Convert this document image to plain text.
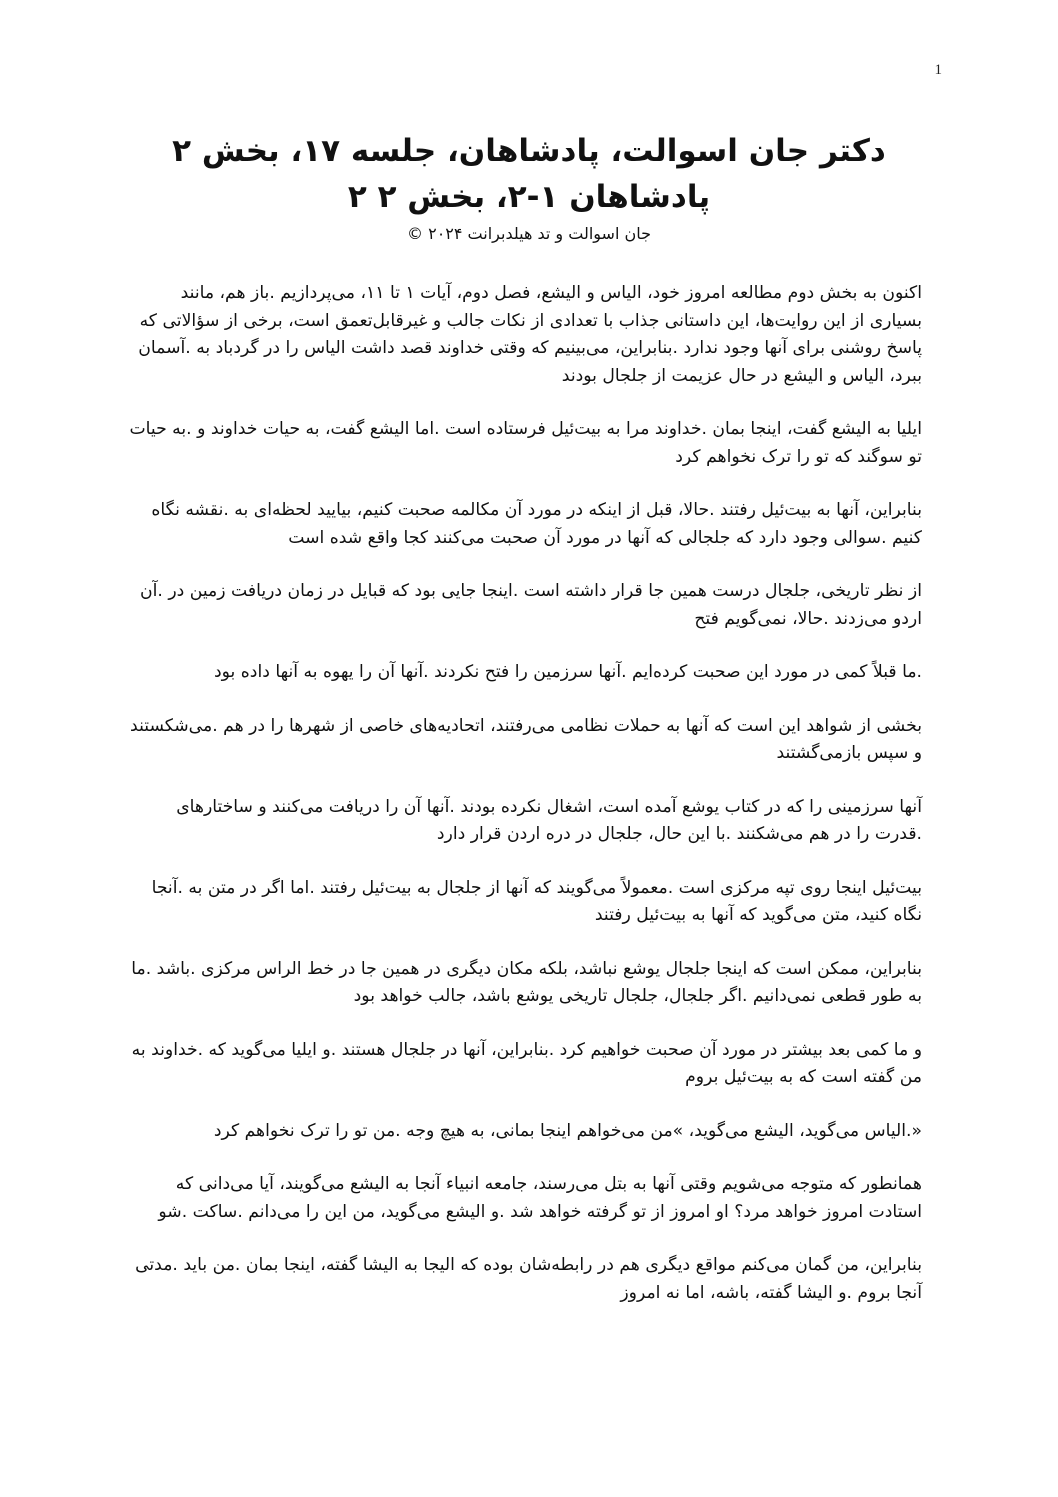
1
دکتر جان اسوالت، پادشاهان، جلسه ۱۷، بخش ۲
پادشاهان ۱-۲، بخش ۲ ۲
جان اسوالت و تد هیلدبرانت ۲۰۲۴ ©

اکنون به بخش دوم مطالعه امروز خود، الیاس و الیشع، فصل دوم، آیات ۱ تا ۱۱، می‌پردازیم .باز هم، مانند بسیاری از این روایت‌ها، این داستانی جذاب با تعدادی از نکات جالب و غیرقابل‌تعمق است، برخی از سؤالاتی که پاسخ روشنی برای آنها وجود ندارد .بنابراین، می‌بینیم که وقتی خداوند قصد داشت الیاس را در گردباد به .آسمان ببرد، الیاس و الیشع در حال عزیمت از جلجال بودند

ایلیا به الیشع گفت، اینجا بمان .خداوند مرا به بیت‌ئیل فرستاده است .اما الیشع گفت، به حیات خداوند و .به حیات تو سوگند که تو را ترک نخواهم کرد

بنابراین، آنها به بیت‌ئیل رفتند .حالا، قبل از اینکه در مورد آن مکالمه صحبت کنیم، بیایید لحظه‌ای به .نقشه نگاه کنیم .سوالی وجود دارد که جلجالی که آنها در مورد آن صحبت می‌کنند کجا واقع شده است

از نظر تاریخی، جلجال درست همین جا قرار داشته است .اینجا جایی بود که قبایل در زمان دریافت زمین در .آن اردو می‌زدند .حالا، نمی‌گویم فتح

.ما قبلاً کمی در مورد این صحبت کرده‌ایم .آنها سرزمین را فتح نکردند .آنها آن را یهوه به آنها داده بود

بخشی از شواهد این است که آنها به حملات نظامی می‌رفتند، اتحادیه‌های خاصی از شهرها را در هم .می‌شکستند و سپس بازمی‌گشتند

آنها سرزمینی را که در کتاب یوشع آمده است، اشغال نکرده بودند .آنها آن را دریافت می‌کنند و ساختارهای .قدرت را در هم می‌شکنند .با این حال، جلجال در دره اردن قرار دارد

بیت‌ئیل اینجا روی تپه مرکزی است .معمولاً می‌گویند که آنها از جلجال به بیت‌ئیل رفتند .اما اگر در متن به .آنجا نگاه کنید، متن می‌گوید که آنها به بیت‌ئیل رفتند

بنابراین، ممکن است که اینجا جلجال یوشع نباشد، بلکه مکان دیگری در همین جا در خط الراس مرکزی .باشد .ما به طور قطعی نمی‌دانیم .اگر جلجال، جلجال تاریخی یوشع باشد، جالب خواهد بود

و ما کمی بعد بیشتر در مورد آن صحبت خواهیم کرد .بنابراین، آنها در جلجال هستند .و ایلیا می‌گوید که .خداوند به من گفته است که به بیت‌ئیل بروم

«.الیاس می‌گوید، الیشع می‌گوید، »من می‌خواهم اینجا بمانی، به هیچ وجه .من تو را ترک نخواهم کرد

همانطور که متوجه می‌شویم وقتی آنها به بتل می‌رسند، جامعه انبیاء آنجا به الیشع می‌گویند، آیا می‌دانی که استادت امروز خواهد مرد؟ او امروز از تو گرفته خواهد شد .و الیشع می‌گوید، من این را می‌دانم .ساکت .شو

بنابراین، من گمان می‌کنم مواقع دیگری هم در رابطه‌شان بوده که الیجا به الیشا گفته، اینجا بمان .من باید .مدتی آنجا بروم .و الیشا گفته، باشه، اما نه امروز
